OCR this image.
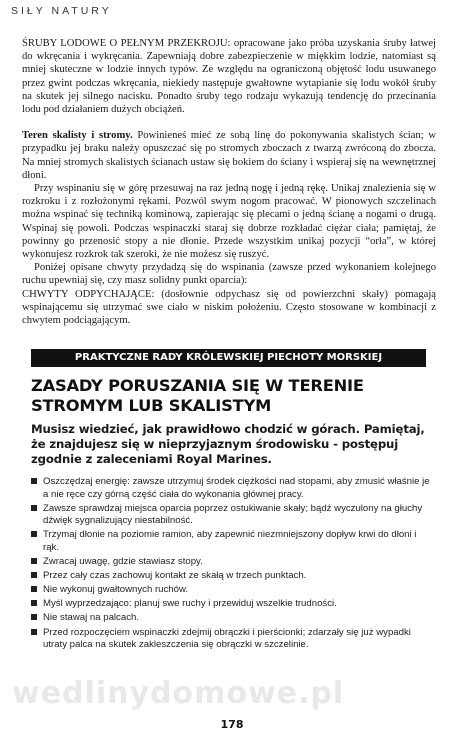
SIŁY NATURY

ŚRUBY LODOWE O PEŁNYM PRZEKROJU: opracowane jako próba uzyskania śruby łatwej do wkręcania i wykręcania. Zapewniają dobre zabezpieczenie w miękkim lodzie, natomiast są mniej skuteczne w lodzie innych typów. Ze względu na ograniczoną objętość lodu usuwanego przez gwint podczas wkręcania, niekiedy następuje gwałtowne wytapianie się lodu wokół śruby na skutek jej silnego nacisku. Ponadto śruby tego rodzaju wykazują tendencję do przecinania lodu pod działaniem dużych obciążeń.

Teren skalisty i stromy. Powinieneś mieć ze sobą linę do pokonywania skalistych ścian; w przypadku jej braku należy opuszczać się po stromych zboczach z twarzą zwróconą do zbocza. Na mniej stromych skalistych ścianach ustaw się bokiem do ściany i wspieraj się na wewnętrznej dłoni.

Przy wspinaniu się w górę przesuwaj na raz jedną nogę i jedną rękę. Unikaj znalezienia się w rozkroku i z rozłożonymi rękami. Pozwól swym nogom pracować. W pionowych szczelinach można wspinać się techniką kominową, zapierając się plecami o jedną ścianę a nogami o drugą. Wspinaj się powoli. Podczas wspinaczki staraj się dobrze rozkładać ciężar ciała; pamiętaj, że powinny go przenosić stopy a nie dłonie. Przede wszystkim unikaj pozycji “orła”, w której wykonujesz rozkrok tak szeroki, że nie możesz się ruszyć.

Poniżej opisane chwyty przydadzą się do wspinania (zawsze przed wykonaniem kolejnego ruchu upewniaj się, czy masz solidny punkt oparcia):

CHWYTY ODPYCHAJĄCE: (dosłownie odpychasz się od powierzchni skały) pomagają wspinającemu się utrzymać swe ciało w niskim położeniu. Często stosowane w kombinacji z chwytem podciągającym.

PRAKTYCZNE RADY KRÓLEWSKIEJ PIECHOTY MORSKIEJ
ZASADY PORUSZANIA SIĘ W TERENIE STROMYM LUB SKALISTYM

Musisz wiedzieć, jak prawidłowo chodzić w górach. Pamiętaj, że znajdujesz się w nieprzyjaznym środowisku - postępuj zgodnie z zaleceniami Royal Marines.

Oszczędzaj energię: zawsze utrzymuj środek ciężkości nad stopami, aby zmusić właśnie je a nie ręce czy górną część ciała do wykonania głównej pracy.
Zawsze sprawdzaj miejsca oparcia poprzez ostukiwanie skały; bądź wyczulony na głuchy dźwięk sygnalizujący niestabilność.
Trzymaj dłonie na poziomie ramion, aby zapewnić niezmniejszony dopływ krwi do dłoni i rąk.
Zwracaj uwagę, gdzie stawiasz stopy.
Przez cały czas zachowuj kontakt ze skałą w trzech punktach.
Nie wykonuj gwałtownych ruchów.
Myśl wyprzedzająco: planuj swe ruchy i przewiduj wszelkie trudności.
Nie stawaj na palcach.
Przed rozpoczęciem wspinaczki zdejmij obrączki i pierścionki; zdarzały się już wypadki utraty palca na skutek zakleszczenia się obrączki w szczelinie.
wedlinydomowe.pl
178
